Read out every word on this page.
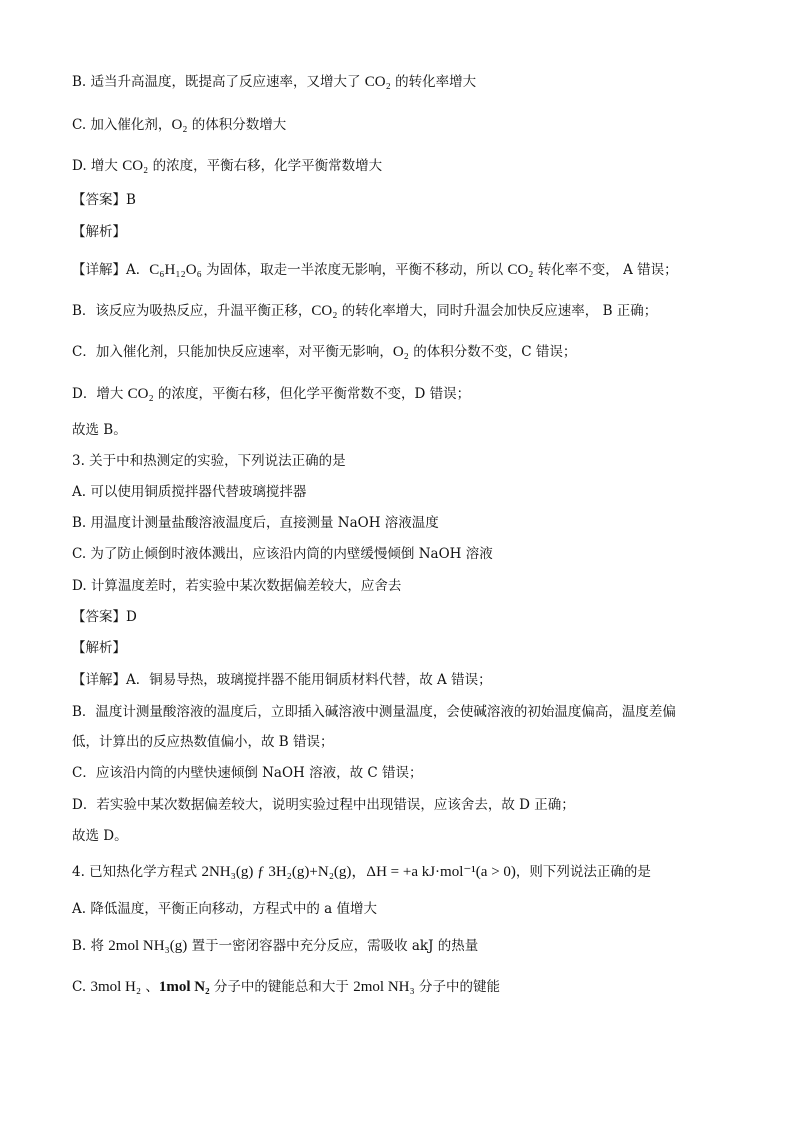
B. 适当升高温度，既提高了反应速率，又增大了 CO₂ 的转化率增大
C. 加入催化剂，O₂ 的体积分数增大
D. 增大 CO₂ 的浓度，平衡右移，化学平衡常数增大
【答案】B
【解析】
【详解】A．C₆H₁₂O₆ 为固体，取走一半浓度无影响，平衡不移动，所以 CO₂ 转化率不变， A 错误；
B．该反应为吸热反应，升温平衡正移，CO₂ 的转化率增大，同时升温会加快反应速率， B 正确；
C．加入催化剂，只能加快反应速率，对平衡无影响，O₂ 的体积分数不变，C 错误；
D．增大 CO₂ 的浓度，平衡右移，但化学平衡常数不变，D 错误；
故选 B。
3. 关于中和热测定的实验，下列说法正确的是
A. 可以使用铜质搅拌器代替玻璃搅拌器
B. 用温度计测量盐酸溶液温度后，直接测量 NaOH 溶液温度
C. 为了防止倾倒时液体溅出，应该沿内筒的内壁缓慢倾倒 NaOH 溶液
D. 计算温度差时，若实验中某次数据偏差较大，应舍去
【答案】D
【解析】
【详解】A．铜易导热，玻璃搅拌器不能用铜质材料代替，故 A 错误；
B．温度计测量酸溶液的温度后，立即插入碱溶液中测量温度，会使碱溶液的初始温度偏高，温度差偏
低，计算出的反应热数值偏小，故 B 错误；
C．应该沿内筒的内壁快速倾倒 NaOH 溶液，故 C 错误；
D．若实验中某次数据偏差较大，说明实验过程中出现错误，应该舍去，故 D 正确；
故选 D。
4. 已知热化学方程式 2NH₃(g) ƒ 3H₂(g)+N₂(g)，ΔH = +a kJ·mol⁻¹(a > 0)，则下列说法正确的是
A. 降低温度，平衡正向移动，方程式中的 a 值增大
B. 将 2mol NH₃(g) 置于一密闭容器中充分反应，需吸收 akJ 的热量
C. 3mol H₂ 、1mol N₂ 分子中的键能总和大于 2mol NH₃ 分子中的键能
